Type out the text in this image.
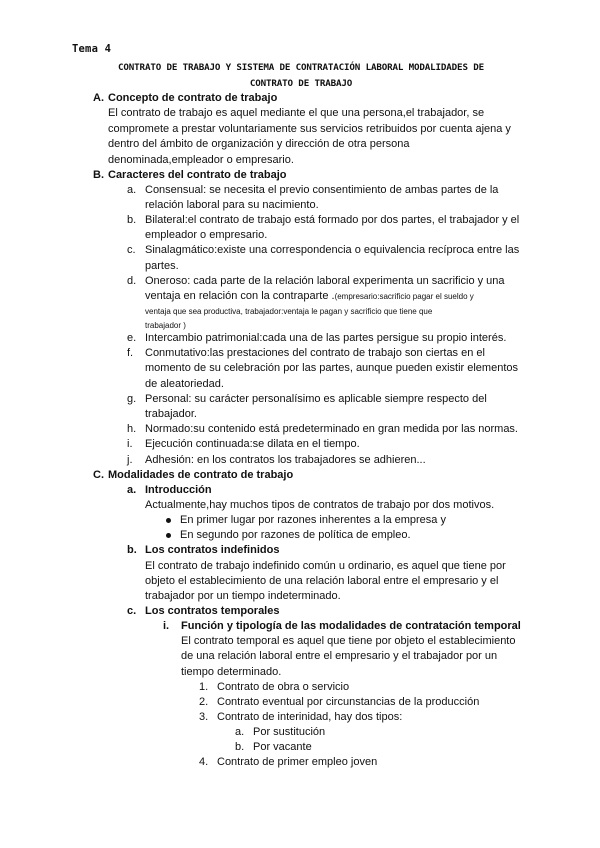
Tema 4
CONTRATO DE TRABAJO Y SISTEMA DE CONTRATACIÓN LABORAL MODALIDADES DE
CONTRATO DE TRABAJO
A. Concepto de contrato de trabajo
El contrato de trabajo es aquel mediante el que una persona,el trabajador, se
compromete a prestar voluntariamente sus servicios retribuidos por cuenta ajena y
dentro del ámbito de organización y dirección de otra persona
denominada,empleador o empresario.
B. Caracteres del contrato de trabajo
a. Consensual: se necesita el previo consentimiento de ambas partes de la
relación laboral para su nacimiento.
b. Bilateral:el contrato de trabajo está formado por dos partes, el trabajador y el
empleador o empresario.
c. Sinalagmático:existe una correspondencia o equivalencia recíproca entre las
partes.
d. Oneroso: cada parte de la relación laboral experimenta un sacrificio y una
ventaja en relación con la contraparte .(empresario:sacrificio pagar el sueldo y
ventaja que sea productiva, trabajador:ventaja le pagan y sacrificio que tiene que
trabajador )
e. Intercambio patrimonial:cada una de las partes persigue su propio interés.
f. Conmutativo:las prestaciones del contrato de trabajo son ciertas en el
momento de su celebración por las partes, aunque pueden existir elementos
de aleatoriedad.
g. Personal: su carácter personalísimo es aplicable siempre respecto del
trabajador.
h. Normado:su contenido está predeterminado en gran medida por las normas.
i. Ejecución continuada:se dilata en el tiempo.
j. Adhesión: en los contratos los trabajadores se adhieren...
C. Modalidades de contrato de trabajo
a. Introducción
Actualmente,hay muchos tipos de contratos de trabajo por dos motivos.
En primer lugar por razones inherentes a la empresa y
En segundo por razones de política de empleo.
b. Los contratos indefinidos
El contrato de trabajo indefinido común u ordinario, es aquel que tiene por
objeto el establecimiento de una relación laboral entre el empresario y el
trabajador por un tiempo indeterminado.
c. Los contratos temporales
i. Función y tipología de las modalidades de contratación temporal
El contrato temporal es aquel que tiene por objeto el establecimiento
de una relación laboral entre el empresario y el trabajador por un
tiempo determinado.
1. Contrato de obra o servicio
2. Contrato eventual por circunstancias de la producción
3. Contrato de interinidad, hay dos tipos:
a. Por sustitución
b. Por vacante
4. Contrato de primer empleo joven
